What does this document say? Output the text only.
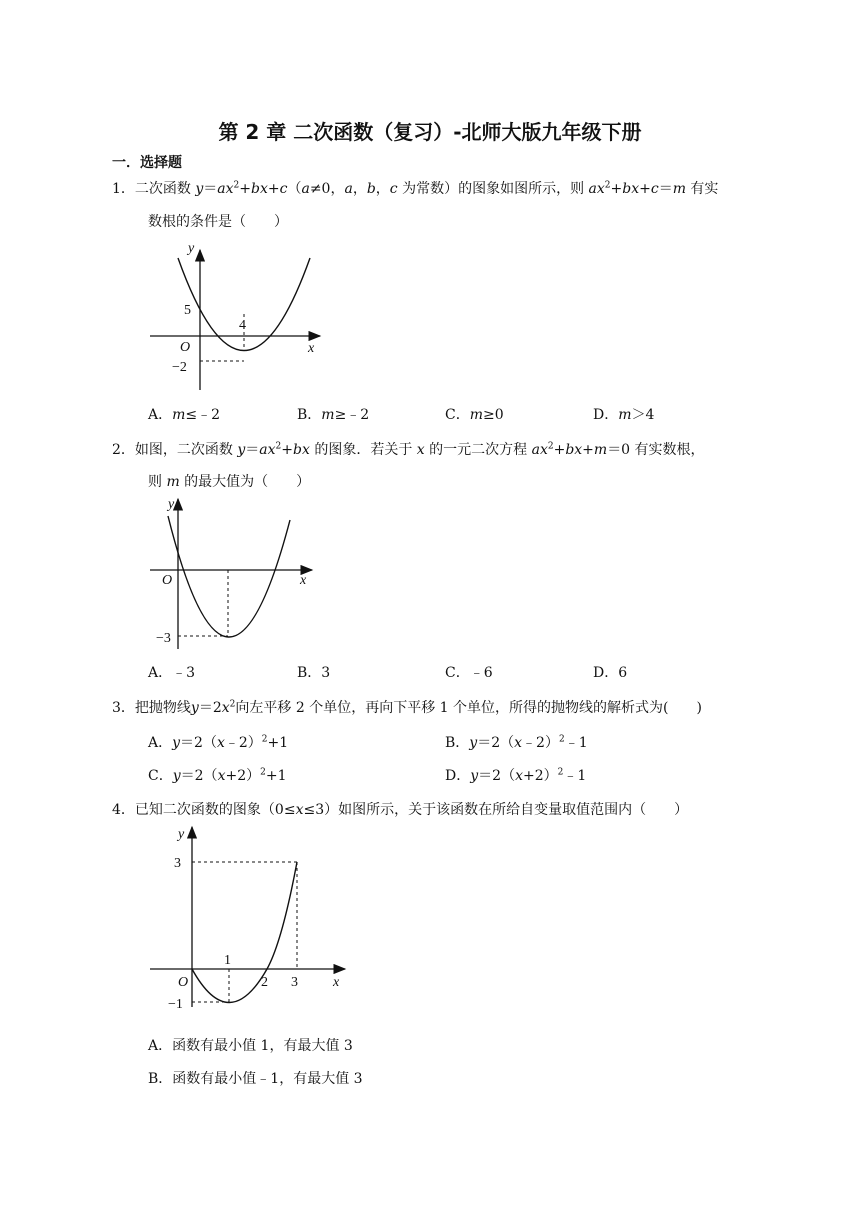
第 2 章 二次函数（复习）-北师大版九年级下册
一．选择题
1．二次函数 $y=ax^2+bx+c(a\ne 0$，a，b，c 为常数）的图象如图所示，则 $ax^2+bx+c=m$ 有实
数根的条件是（　　）
y
x
O
5
4
−2
A．m≤﹣2	B．m≥﹣2	C．m≥0	D．m＞4
2．如图，二次函数 $y=ax^2+bx$ 的图象．若关于 x 的一元二次方程 $ax^2+bx+m=0$ 有实数根，
则 m 的最大值为（　　）
y
x
O
−3
A．﹣3	B．3	C．﹣6	D．6
3．把抛物线$y=2x^2$向左平移 2 个单位，再向下平移 1 个单位，所得的抛物线的解析式为(　　)
A．y＝2（x﹣2）$^2$+1	B．y＝2（x﹣2）$^2$﹣1
C．$y=2(x+2)^2+1$	D．$y=2(x+2)^2﹣1$
4．已知二次函数的图象（0≤x≤3）如图所示，关于该函数在所给自变量取值范围内（　　）
y
x
O
3
1
2 3
−1
A．函数有最小值 1，有最大值 3
B．函数有最小值﹣1，有最大值 3
